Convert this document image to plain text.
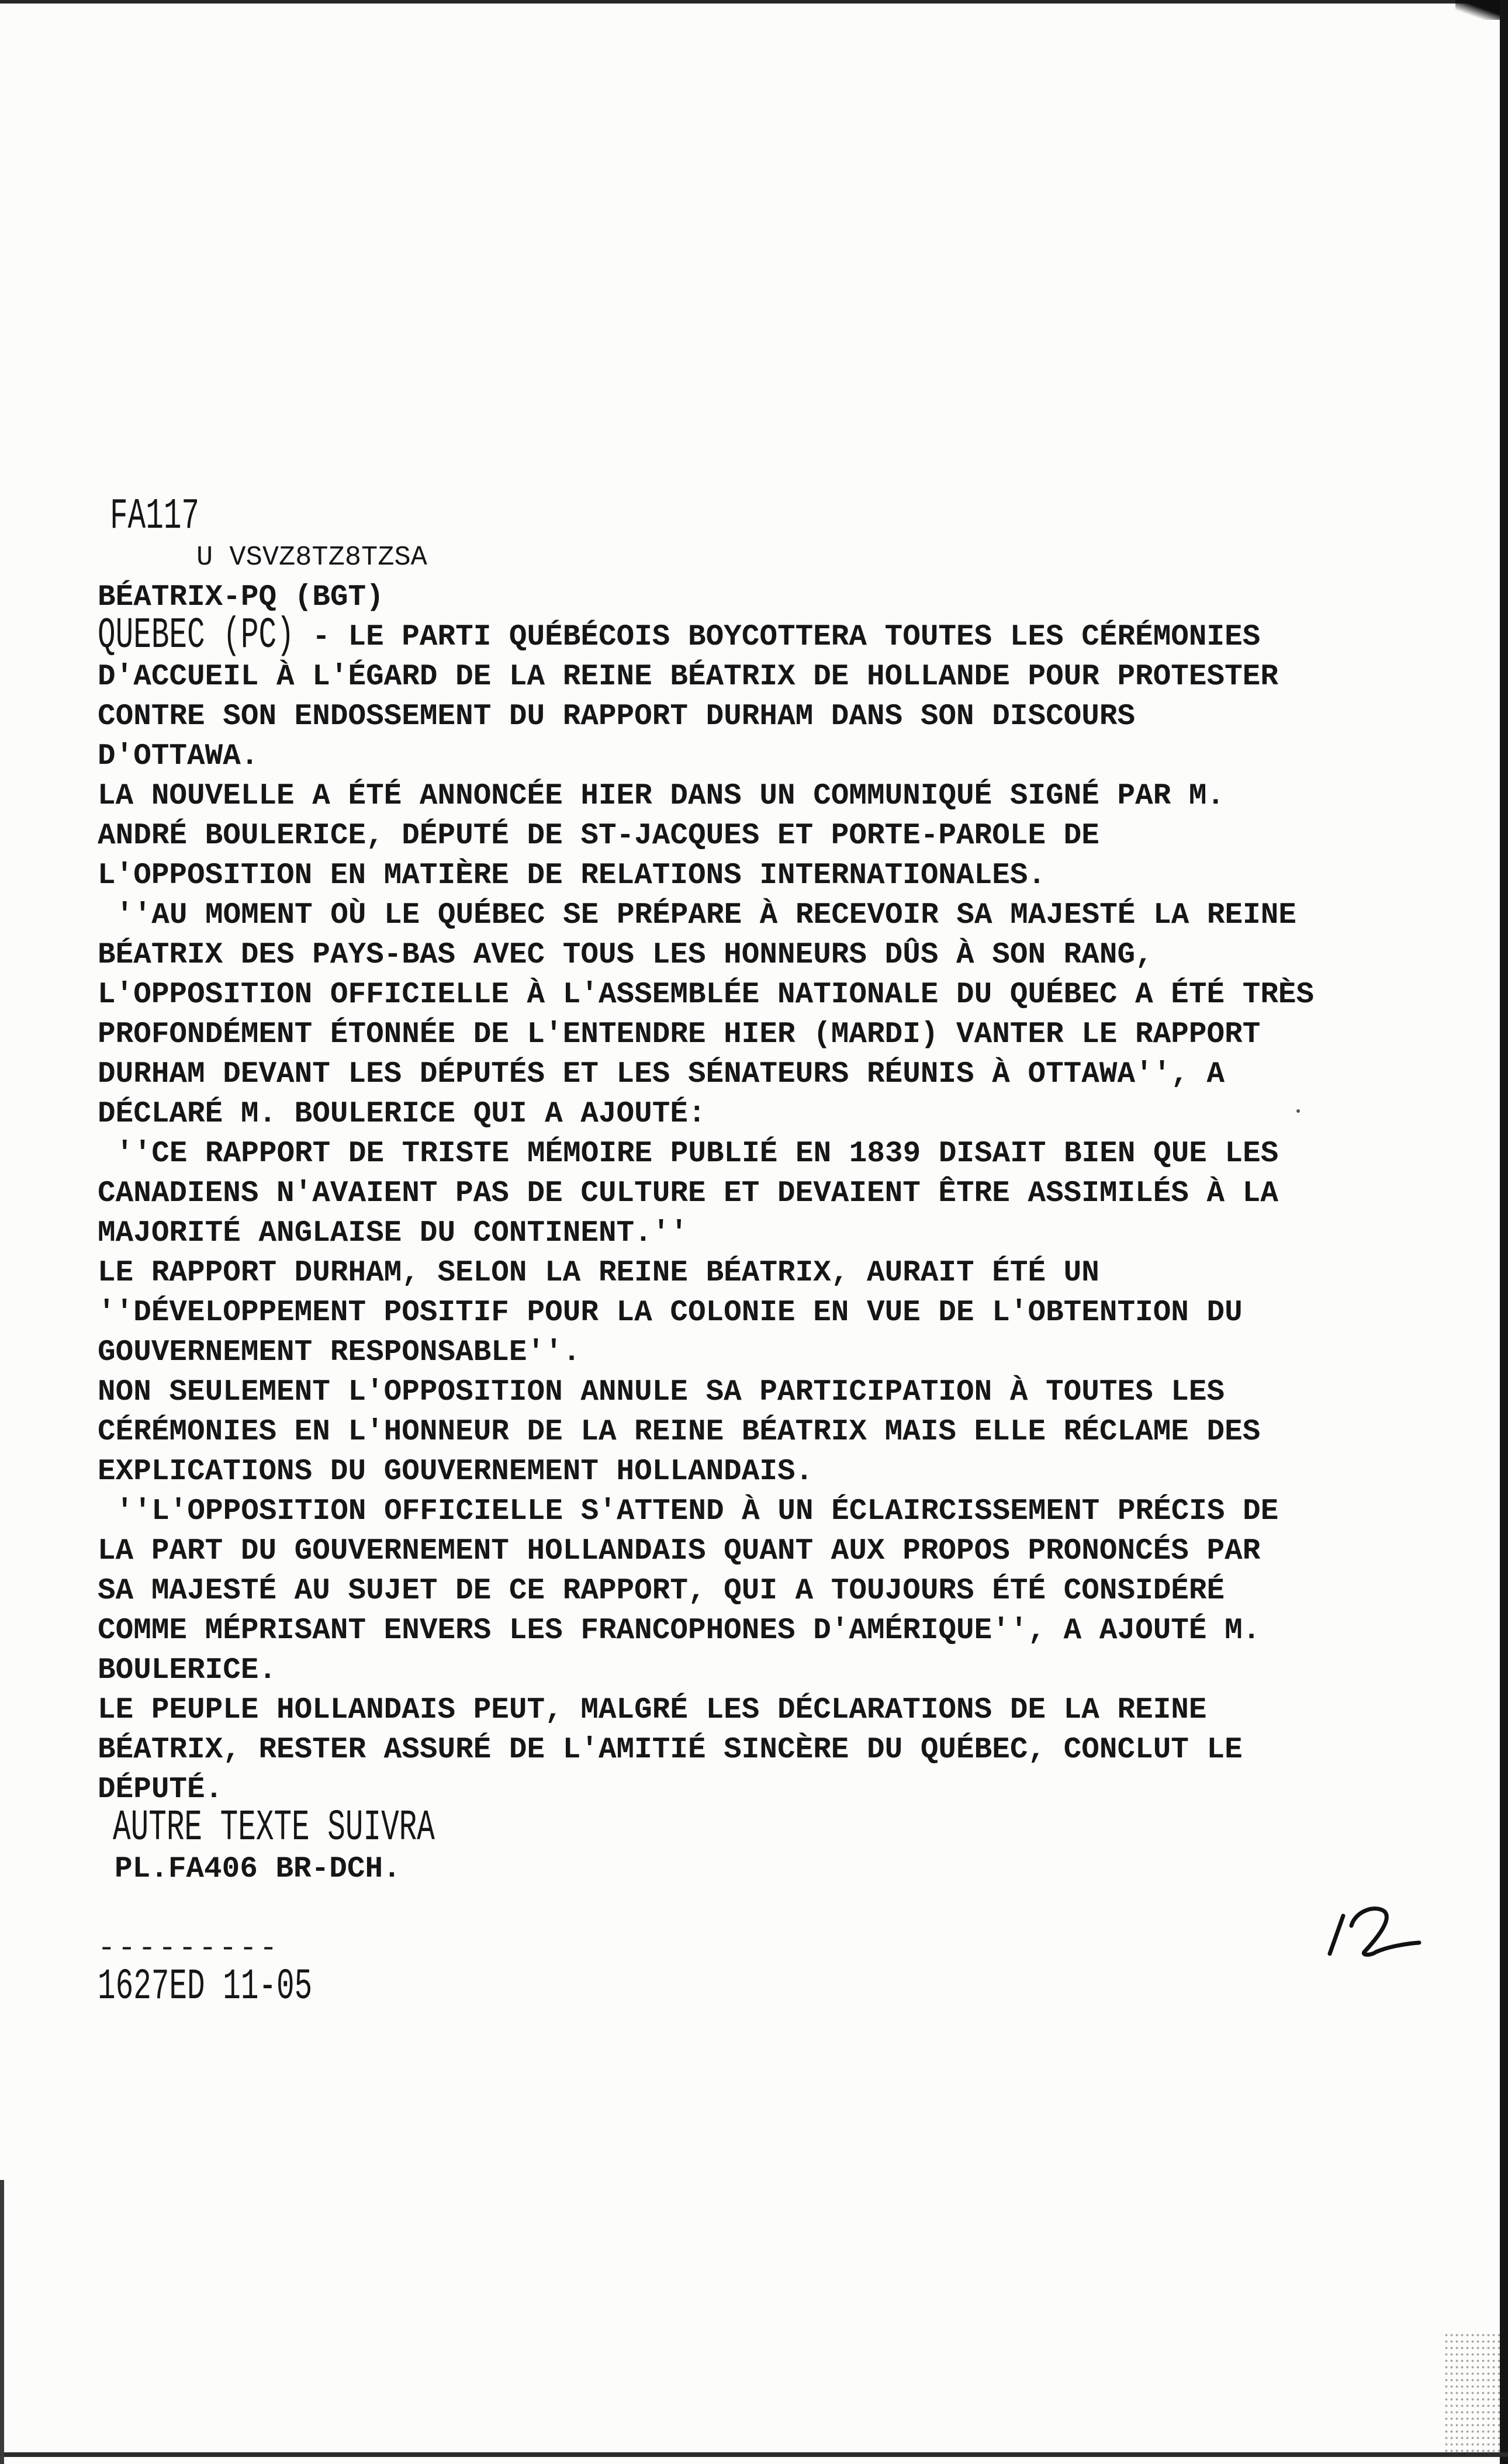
FA117
U VSVZ8TZ8TZSA
BÉATRIX-PQ (BGT)
QUEBEC (PC) - LE PARTI QUÉBÉCOIS BOYCOTTERA TOUTES LES CÉRÉMONIES
D'ACCUEIL À L'ÉGARD DE LA REINE BÉATRIX DE HOLLANDE POUR PROTESTER
CONTRE SON ENDOSSEMENT DU RAPPORT DURHAM DANS SON DISCOURS
D'OTTAWA.
LA NOUVELLE A ÉTÉ ANNONCÉE HIER DANS UN COMMUNIQUÉ SIGNÉ PAR M.
ANDRÉ BOULERICE, DÉPUTÉ DE ST-JACQUES ET PORTE-PAROLE DE
L'OPPOSITION EN MATIÈRE DE RELATIONS INTERNATIONALES.
''AU MOMENT OÙ LE QUÉBEC SE PRÉPARE À RECEVOIR SA MAJESTÉ LA REINE
BÉATRIX DES PAYS-BAS AVEC TOUS LES HONNEURS DÛS À SON RANG,
L'OPPOSITION OFFICIELLE À L'ASSEMBLÉE NATIONALE DU QUÉBEC A ÉTÉ TRÈS
PROFONDÉMENT ÉTONNÉE DE L'ENTENDRE HIER (MARDI) VANTER LE RAPPORT
DURHAM DEVANT LES DÉPUTÉS ET LES SÉNATEURS RÉUNIS À OTTAWA'', A
DÉCLARÉ M. BOULERICE QUI A AJOUTÉ:
''CE RAPPORT DE TRISTE MÉMOIRE PUBLIÉ EN 1839 DISAIT BIEN QUE LES
CANADIENS N'AVAIENT PAS DE CULTURE ET DEVAIENT ÊTRE ASSIMILÉS À LA
MAJORITÉ ANGLAISE DU CONTINENT.''
LE RAPPORT DURHAM, SELON LA REINE BÉATRIX, AURAIT ÉTÉ UN
''DÉVELOPPEMENT POSITIF POUR LA COLONIE EN VUE DE L'OBTENTION DU
GOUVERNEMENT RESPONSABLE''.
NON SEULEMENT L'OPPOSITION ANNULE SA PARTICIPATION À TOUTES LES
CÉRÉMONIES EN L'HONNEUR DE LA REINE BÉATRIX MAIS ELLE RÉCLAME DES
EXPLICATIONS DU GOUVERNEMENT HOLLANDAIS.
''L'OPPOSITION OFFICIELLE S'ATTEND À UN ÉCLAIRCISSEMENT PRÉCIS DE
LA PART DU GOUVERNEMENT HOLLANDAIS QUANT AUX PROPOS PRONONCÉS PAR
SA MAJESTÉ AU SUJET DE CE RAPPORT, QUI A TOUJOURS ÉTÉ CONSIDÉRÉ
COMME MÉPRISANT ENVERS LES FRANCOPHONES D'AMÉRIQUE'', A AJOUTÉ M.
BOULERICE.
LE PEUPLE HOLLANDAIS PEUT, MALGRÉ LES DÉCLARATIONS DE LA REINE
BÉATRIX, RESTER ASSURÉ DE L'AMITIÉ SINCÈRE DU QUÉBEC, CONCLUT LE
DÉPUTÉ.
AUTRE TEXTE SUIVRA
PL.FA406 BR-DCH.
---------
1627ED 11-05
